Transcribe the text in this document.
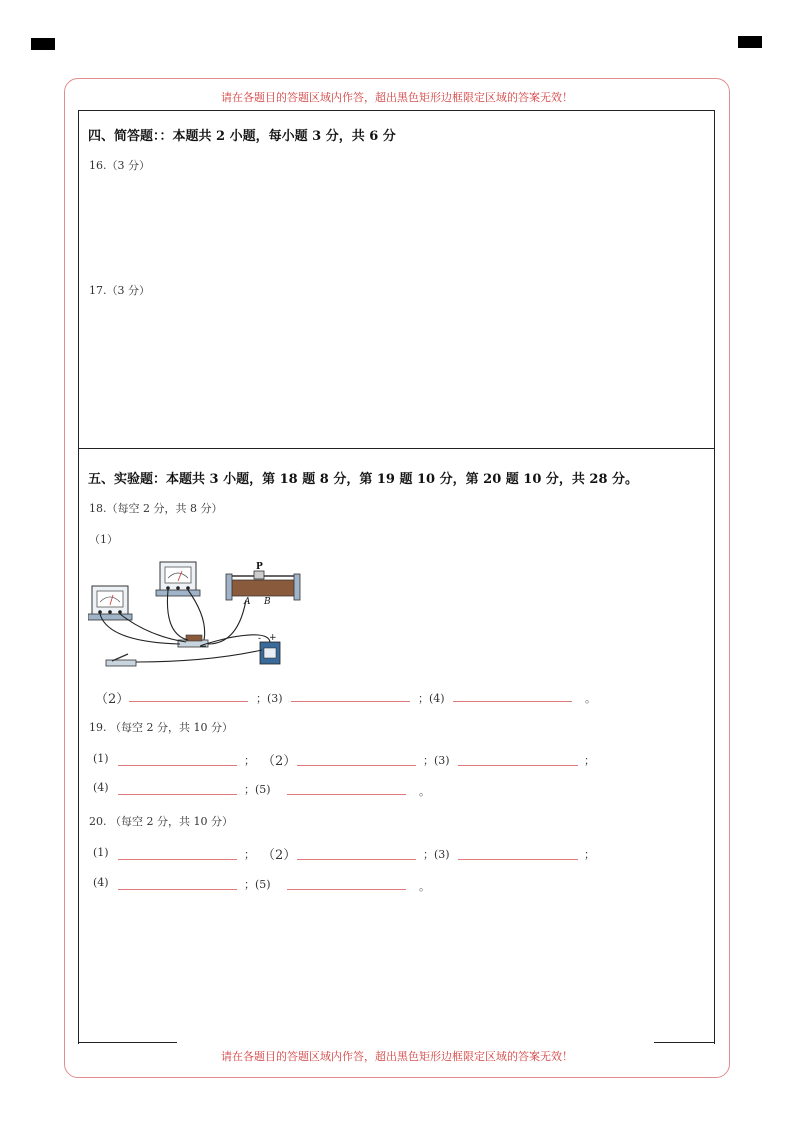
请在各题目的答题区域内作答，超出黑色矩形边框限定区域的答案无效！
请在各题目的答题区域内作答，超出黑色矩形边框限定区域的答案无效！
四、简答题：：本题共 2 小题，每小题 3 分，共 6 分
16.（3 分）
17.（3 分）
五、实验题：本题共 3 小题，第 18 题 8 分，第 19 题 10 分，第 20 题 10 分，共 28 分。
18.（每空 2 分，共 8 分）
（1）
P
A B
- +
（2）	；(3)	；(4)	。
19. （每空 2 分，共 10 分）
(1)	； （2）	；(3)	；
(4)	；(5)	。
20. （每空 2 分，共 10 分）
(1)	； （2）	；(3)	；
(4)	；(5)	。
